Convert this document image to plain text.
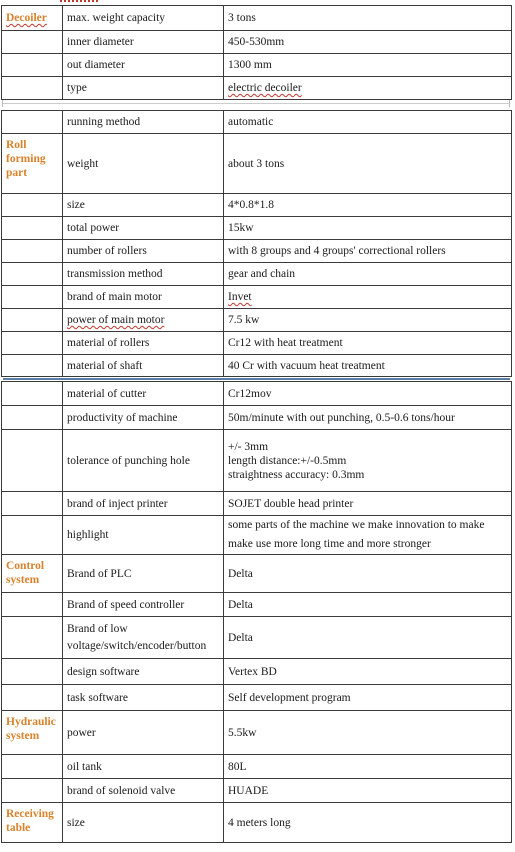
Decoiler	max. weight capacity	3 tons
	inner diameter	450-530mm
	out diameter	1300 mm
	type	electric decoiler
	running method	automatic
Roll forming part	weight	about 3 tons
	size	4*0.8*1.8
	total power	15kw
	number of rollers	with 8 groups and 4 groups' correctional rollers
	transmission method	gear and chain
	brand of main motor	Invet
	power of main motor	7.5 kw
	material of rollers	Cr12 with heat treatment
	material of shaft	40 Cr with vacuum heat treatment
	material of cutter	Cr12mov
	productivity of machine	50m/minute with out punching, 0.5-0.6 tons/hour
	tolerance of punching hole	+/- 3mm
length distance:+/-0.5mm
straightness accuracy: 0.3mm

	brand of inject printer	SOJET double head printer
	highlight	some parts of the machine we make innovation to make make use more long time and more stronger
Control system	Brand of PLC	Delta
	Brand of speed controller	Delta
	Brand of low voltage/switch/encoder/button	Delta
	design software	Vertex BD
	task software	Self development program
Hydraulic system	power	5.5kw
	oil tank	80L
	brand of solenoid valve	HUADE
Receiving table	size	4 meters long
